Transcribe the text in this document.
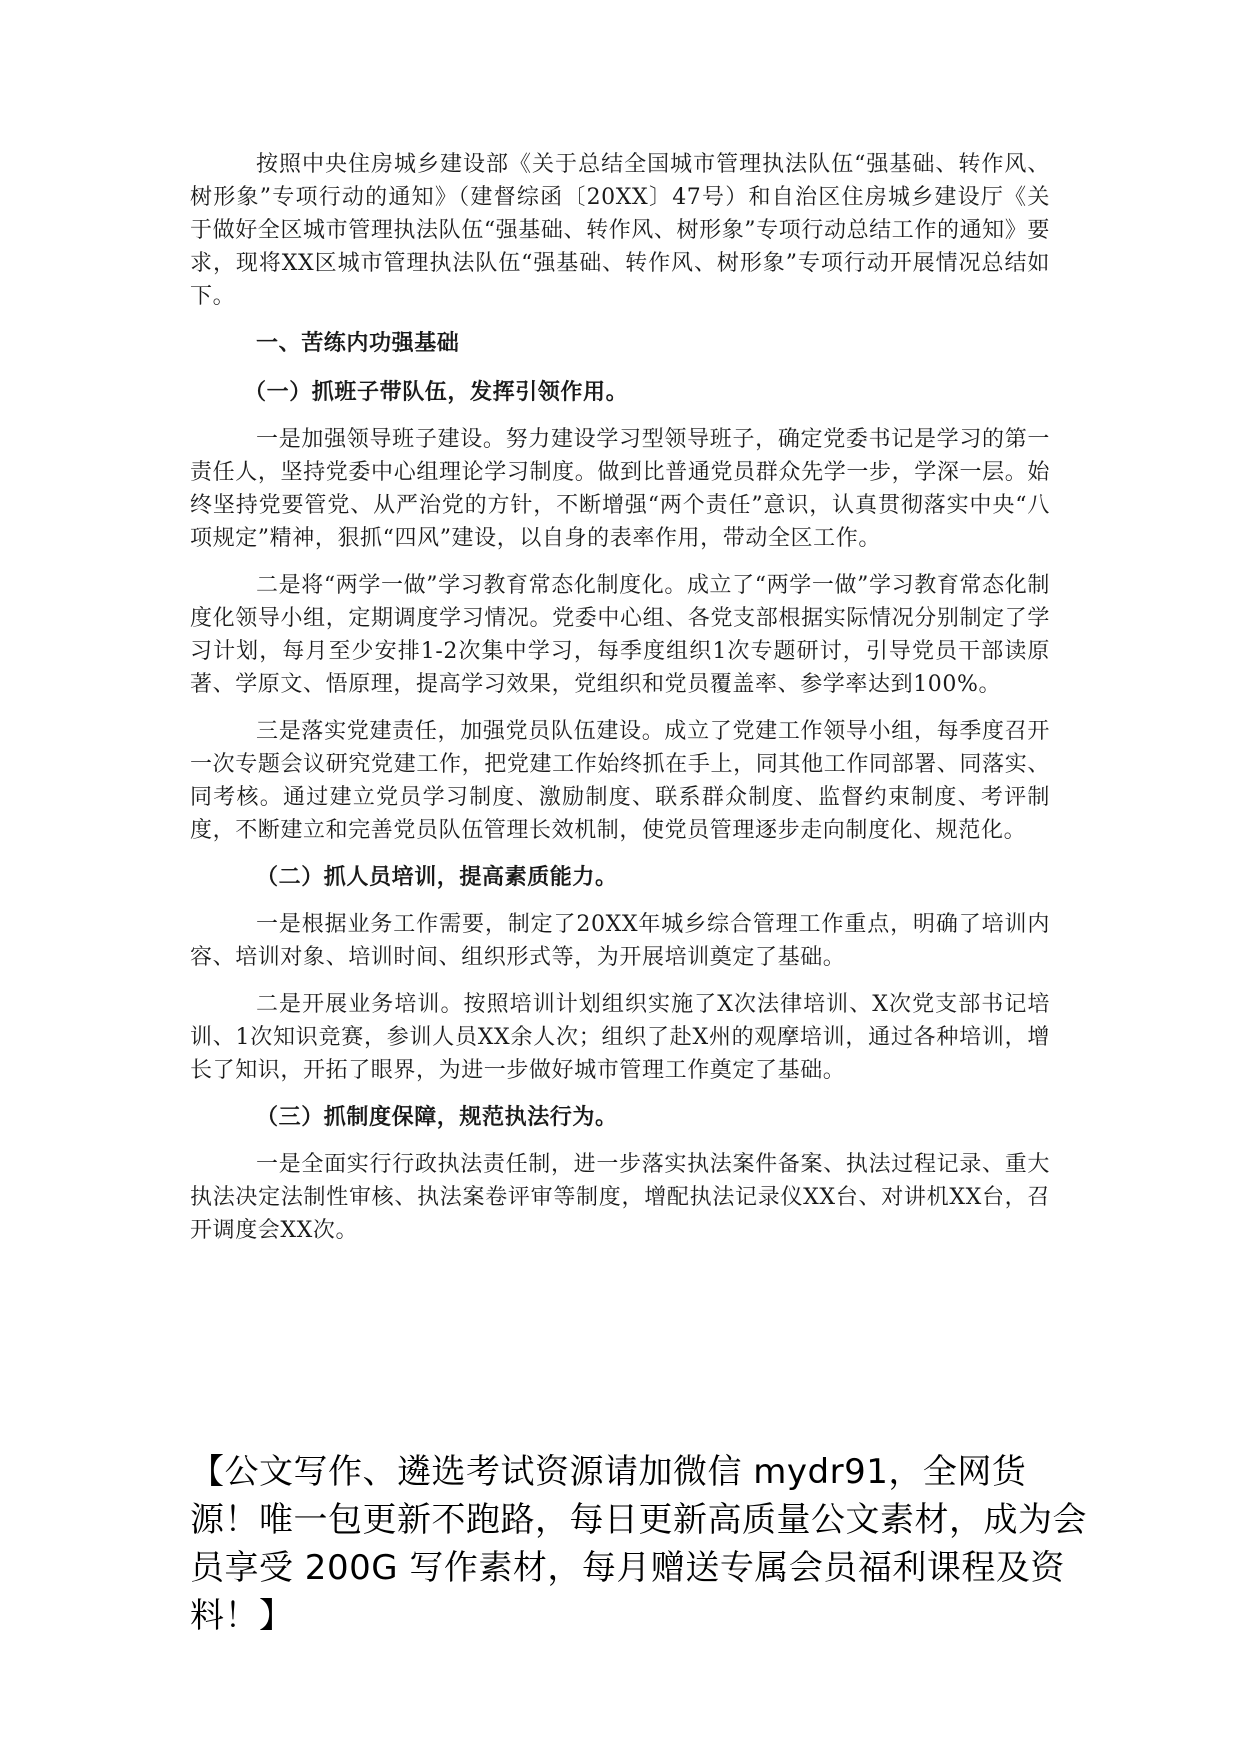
按照中央住房城乡建设部《关于总结全国城市管理执法队伍“强基础、转作风、树形象”专项行动的通知》（建督综函〔20XX〕47号）和自治区住房城乡建设厅《关于做好全区城市管理执法队伍“强基础、转作风、树形象”专项行动总结工作的通知》要求，现将XX区城市管理执法队伍“强基础、转作风、树形象”专项行动开展情况总结如下。

一、苦练内功强基础
（一）抓班子带队伍，发挥引领作用。

一是加强领导班子建设。努力建设学习型领导班子，确定党委书记是学习的第一责任人，坚持党委中心组理论学习制度。做到比普通党员群众先学一步，学深一层。始终坚持党要管党、从严治党的方针，不断增强“两个责任”意识，认真贯彻落实中央“八项规定”精神，狠抓“四风”建设，以自身的表率作用，带动全区工作。

二是将“两学一做”学习教育常态化制度化。成立了“两学一做”学习教育常态化制度化领导小组，定期调度学习情况。党委中心组、各党支部根据实际情况分别制定了学习计划，每月至少安排1-2次集中学习，每季度组织1次专题研讨，引导党员干部读原著、学原文、悟原理，提高学习效果，党组织和党员覆盖率、参学率达到100%。

三是落实党建责任，加强党员队伍建设。成立了党建工作领导小组，每季度召开一次专题会议研究党建工作，把党建工作始终抓在手上，同其他工作同部署、同落实、同考核。通过建立党员学习制度、激励制度、联系群众制度、监督约束制度、考评制度，不断建立和完善党员队伍管理长效机制，使党员管理逐步走向制度化、规范化。

（二）抓人员培训，提高素质能力。

一是根据业务工作需要，制定了20XX年城乡综合管理工作重点，明确了培训内容、培训对象、培训时间、组织形式等，为开展培训奠定了基础。

二是开展业务培训。按照培训计划组织实施了X次法律培训、X次党支部书记培训、1次知识竞赛，参训人员XX余人次；组织了赴X州的观摩培训，通过各种培训，增长了知识，开拓了眼界，为进一步做好城市管理工作奠定了基础。

（三）抓制度保障，规范执法行为。

一是全面实行行政执法责任制，进一步落实执法案件备案、执法过程记录、重大执法决定法制性审核、执法案卷评审等制度，增配执法记录仪XX台、对讲机XX台，召开调度会XX次。

【公文写作、遴选考试资源请加微信 mydr91，全网货源！唯一包更新不跑路，每日更新高质量公文素材，成为会员享受 200G 写作素材，每月赠送专属会员福利课程及资料！】
